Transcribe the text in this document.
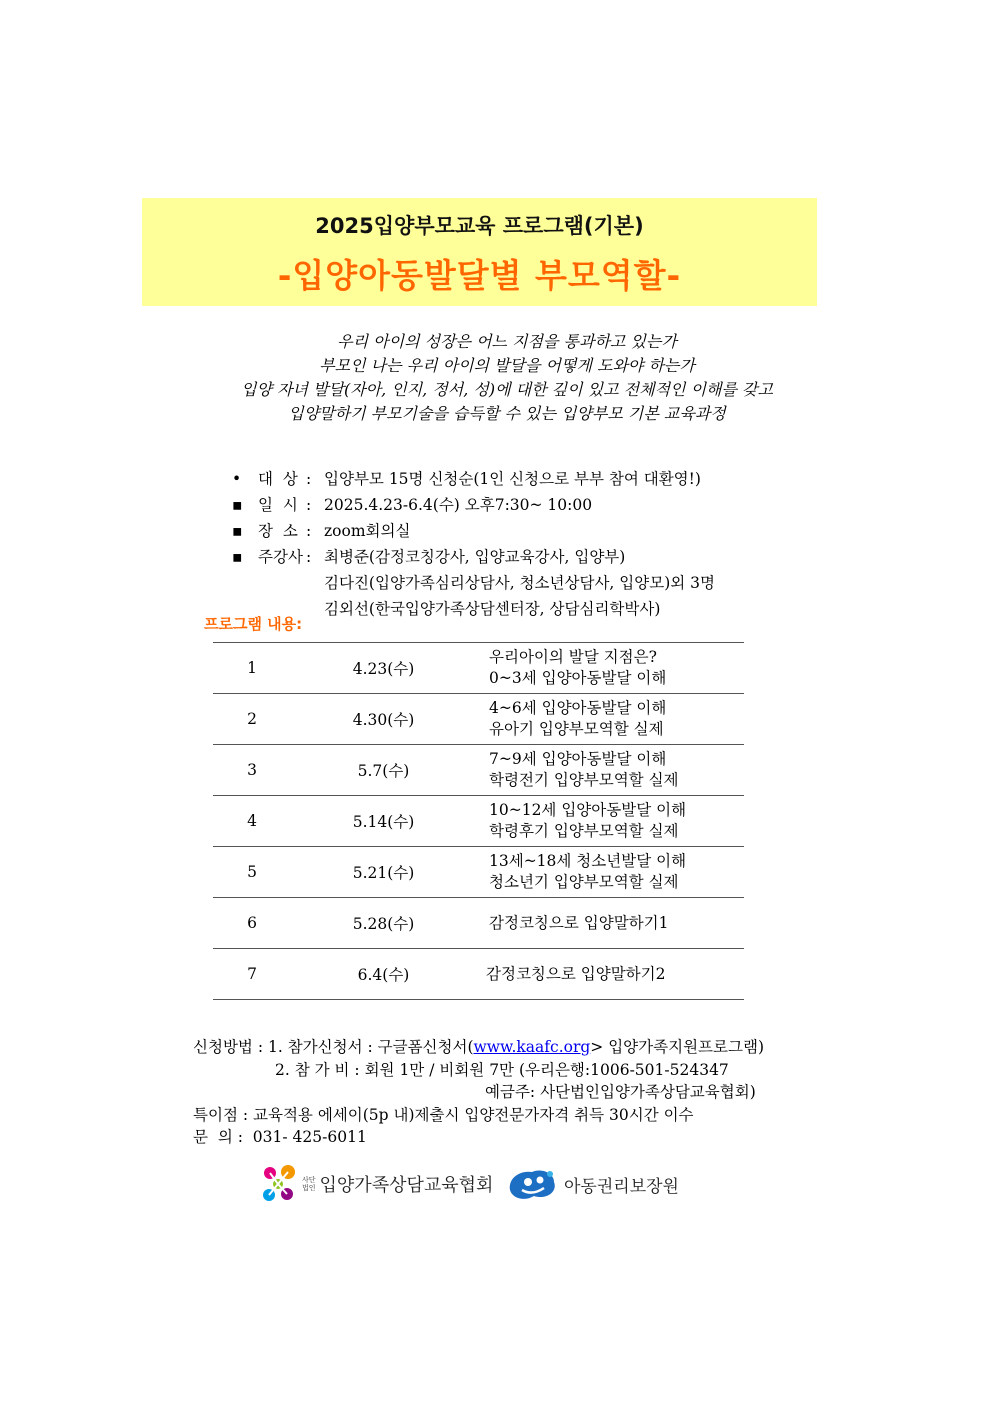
2025입양부모교육 프로그램(기본)
-입양아동발달별 부모역할-
우리 아이의 성장은 어느 지점을 통과하고 있는가
부모인 나는 우리 아이의 발달을 어떻게 도와야 하는가
입양 자녀 발달(자아, 인지, 정서, 성)에 대한 깊이 있고 전체적인 이해를 갖고
입양말하기 부모기술을 습득할 수 있는 입양부모 기본 교육과정
•	대  상 : 입양부모 15명 신청순(1인 신청으로 부부 참여 대환영!)
▪ 일  시 : 2025.4.23-6.4(수) 오후7:30~ 10:00
▪ 장  소 : zoom회의실
▪ 주강사 : 최병준(감정코칭강사, 입양교육강사, 입양부)
김다진(입양가족심리상담사, 청소년상담사, 입양모)외 3명
김외선(한국입양가족상담센터장, 상담심리학박사)
프로그램 내용:
1	4.23(수)	우리아이의 발달 지점은?
0~3세 입양아동발달 이해

2	4.30(수)	4~6세 입양아동발달 이해
유아기 입양부모역할 실제

3	5.7(수)	7~9세 입양아동발달 이해
학령전기 입양부모역할 실제

4	5.14(수)	10~12세 입양아동발달 이해
학령후기 입양부모역할 실제

5	5.21(수)	13세~18세 청소년발달 이해
청소년기 입양부모역할 실제

6	5.28(수)	감정코칭으로 입양말하기1

7	6.4(수)	감정코칭으로 입양말하기2
신청방법 : 1. 참가신청서 : 구글폼신청서(www.kaafc.org> 입양가족지원프로그램)
2. 참 가 비 : 회원 1만 / 비회원 7만 (우리은행:1006-501-524347
예금주: 사단법인입양가족상담교육협회)
특이점 : 교육적용 에세이(5p 내)제출시 입양전문가자격 취득 30시간 이수
문  의 :  031- 425-6011
사단
법인 입양가족상담교육협회	아동권리보장원
